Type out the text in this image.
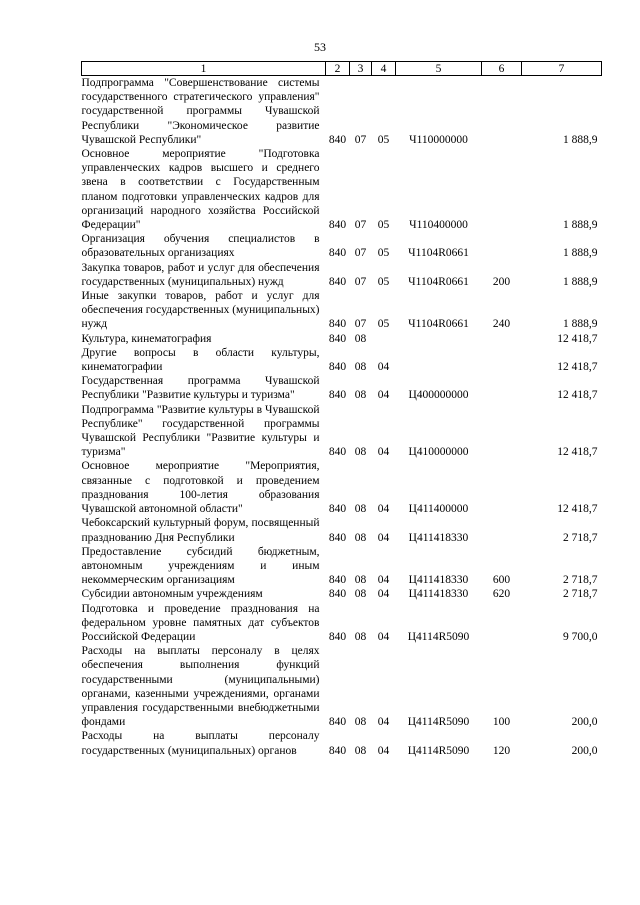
53
1	2	3	4	5	6	7
Подпрограмма "Совершенствование системы государственного стратегического управления" государственной программы Чувашской Республики "Экономическое развитие Чувашской Республики"	840	07	05	Ч110000000		1 888,9
Основное мероприятие "Подготовка управленческих кадров высшего и среднего звена в соответствии с Государственным планом подготовки управленческих кадров для организаций народного хозяйства Российской Федерации"	840	07	05	Ч110400000		1 888,9
Организация обучения специалистов в образовательных организациях	840	07	05	Ч1104R0661		1 888,9
Закупка товаров, работ и услуг для обеспечения государственных (муниципальных) нужд	840	07	05	Ч1104R0661	200	1 888,9
Иные закупки товаров, работ и услуг для обеспечения государственных (муниципальных) нужд	840	07	05	Ч1104R0661	240	1 888,9
Культура, кинематография	840	08				12 418,7
Другие вопросы в области культуры, кинематографии	840	08	04			12 418,7
Государственная программа Чувашской Республики "Развитие культуры и туризма"	840	08	04	Ц400000000		12 418,7
Подпрограмма "Развитие культуры в Чувашской Республике" государственной программы Чувашской Республики "Развитие культуры и туризма"	840	08	04	Ц410000000		12 418,7
Основное мероприятие "Мероприятия, связанные с подготовкой и проведением празднования 100-летия образования Чувашской автономной области"	840	08	04	Ц411400000		12 418,7
Чебоксарский культурный форум, посвященный празднованию Дня Республики	840	08	04	Ц411418330		2 718,7
Предоставление субсидий бюджетным, автономным учреждениям и иным некоммерческим организациям	840	08	04	Ц411418330	600	2 718,7
Субсидии автономным учреждениям	840	08	04	Ц411418330	620	2 718,7
Подготовка и проведение празднования на федеральном уровне памятных дат субъектов Российской Федерации	840	08	04	Ц4114R5090		9 700,0
Расходы на выплаты персоналу в целях обеспечения выполнения функций государственными (муниципальными) органами, казенными учреждениями, органами управления государственными внебюджетными фондами	840	08	04	Ц4114R5090	100	200,0
Расходы на выплаты персоналу государственных (муниципальных) органов	840	08	04	Ц4114R5090	120	200,0
